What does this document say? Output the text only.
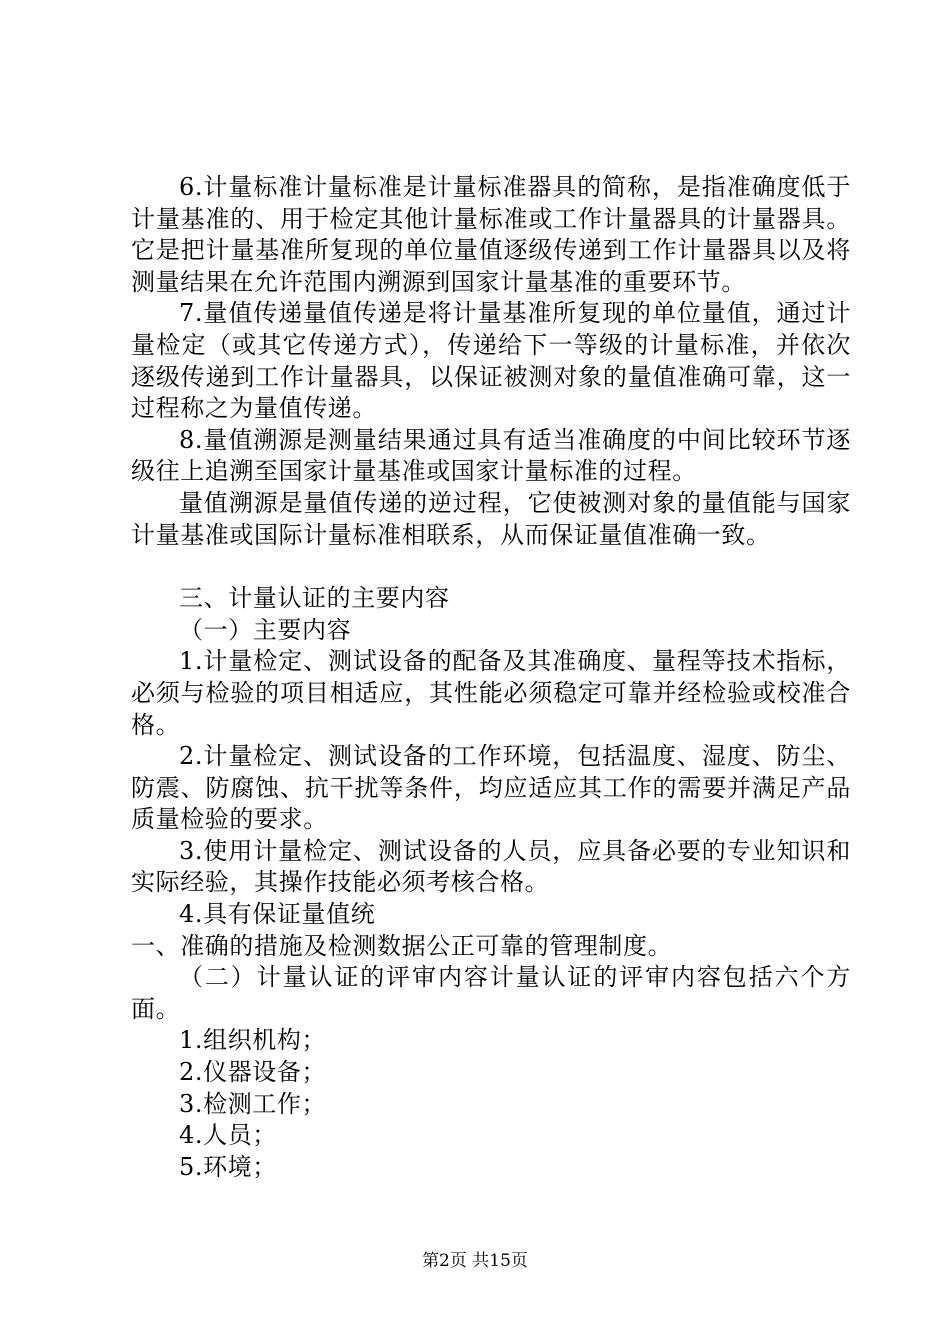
6.计量标准计量标准是计量标准器具的简称，是指准确度低于计量基准的、用于检定其他计量标准或工作计量器具的计量器具。它是把计量基准所复现的单位量值逐级传递到工作计量器具以及将测量结果在允许范围内溯源到国家计量基准的重要环节。

7.量值传递量值传递是将计量基准所复现的单位量值，通过计量检定（或其它传递方式），传递给下一等级的计量标准，并依次逐级传递到工作计量器具，以保证被测对象的量值准确可靠，这一过程称之为量值传递。

8.量值溯源是测量结果通过具有适当准确度的中间比较环节逐级往上追溯至国家计量基准或国家计量标准的过程。

量值溯源是量值传递的逆过程，它使被测对象的量值能与国家计量基准或国际计量标准相联系，从而保证量值准确一致。

三、计量认证的主要内容

（一）主要内容

1.计量检定、测试设备的配备及其准确度、量程等技术指标，必须与检验的项目相适应，其性能必须稳定可靠并经检验或校准合格。

2.计量检定、测试设备的工作环境，包括温度、湿度、防尘、防震、防腐蚀、抗干扰等条件，均应适应其工作的需要并满足产品质量检验的要求。

3.使用计量检定、测试设备的人员，应具备必要的专业知识和实际经验，其操作技能必须考核合格。

4.具有保证量值统

一、准确的措施及检测数据公正可靠的管理制度。

（二）计量认证的评审内容计量认证的评审内容包括六个方面。

1.组织机构；

2.仪器设备；

3.检测工作；

4.人员；

5.环境；

第2页 共15页
